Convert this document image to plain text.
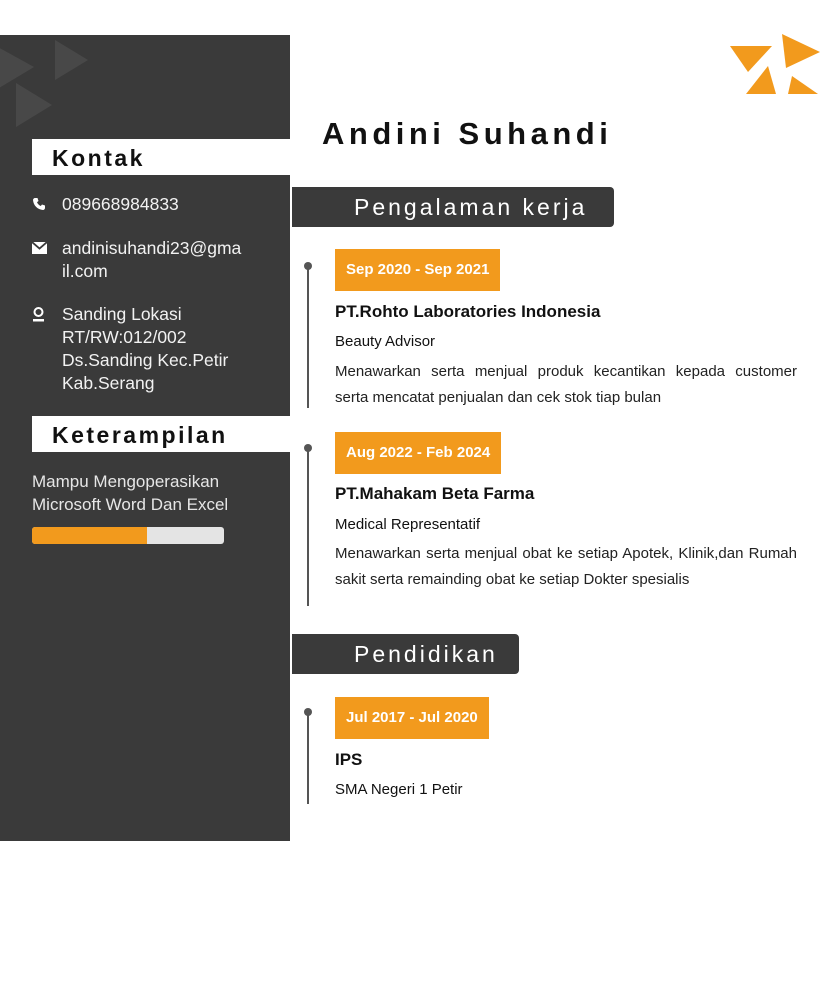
Kontak
089668984833
andinisuhandi23@gma
il.com
Sanding Lokasi
RT/RW:012/002
Ds.Sanding Kec.Petir
Kab.Serang
Keterampilan
Mampu Mengoperasikan
Microsoft Word Dan Excel
Andini Suhandi
Pengalaman kerja
Sep 2020 - Sep 2021
PT.Rohto Laboratories Indonesia
Beauty Advisor
Menawarkan serta menjual produk kecantikan kepada customer serta mencatat penjualan dan cek stok tiap bulan
Aug 2022 - Feb 2024
PT.Mahakam Beta Farma
Medical Representatif
Menawarkan serta menjual obat ke setiap Apotek, Klinik,dan Rumah sakit serta remainding obat ke setiap Dokter spesialis
Pendidikan
Jul 2017 - Jul 2020
IPS
SMA Negeri 1 Petir
